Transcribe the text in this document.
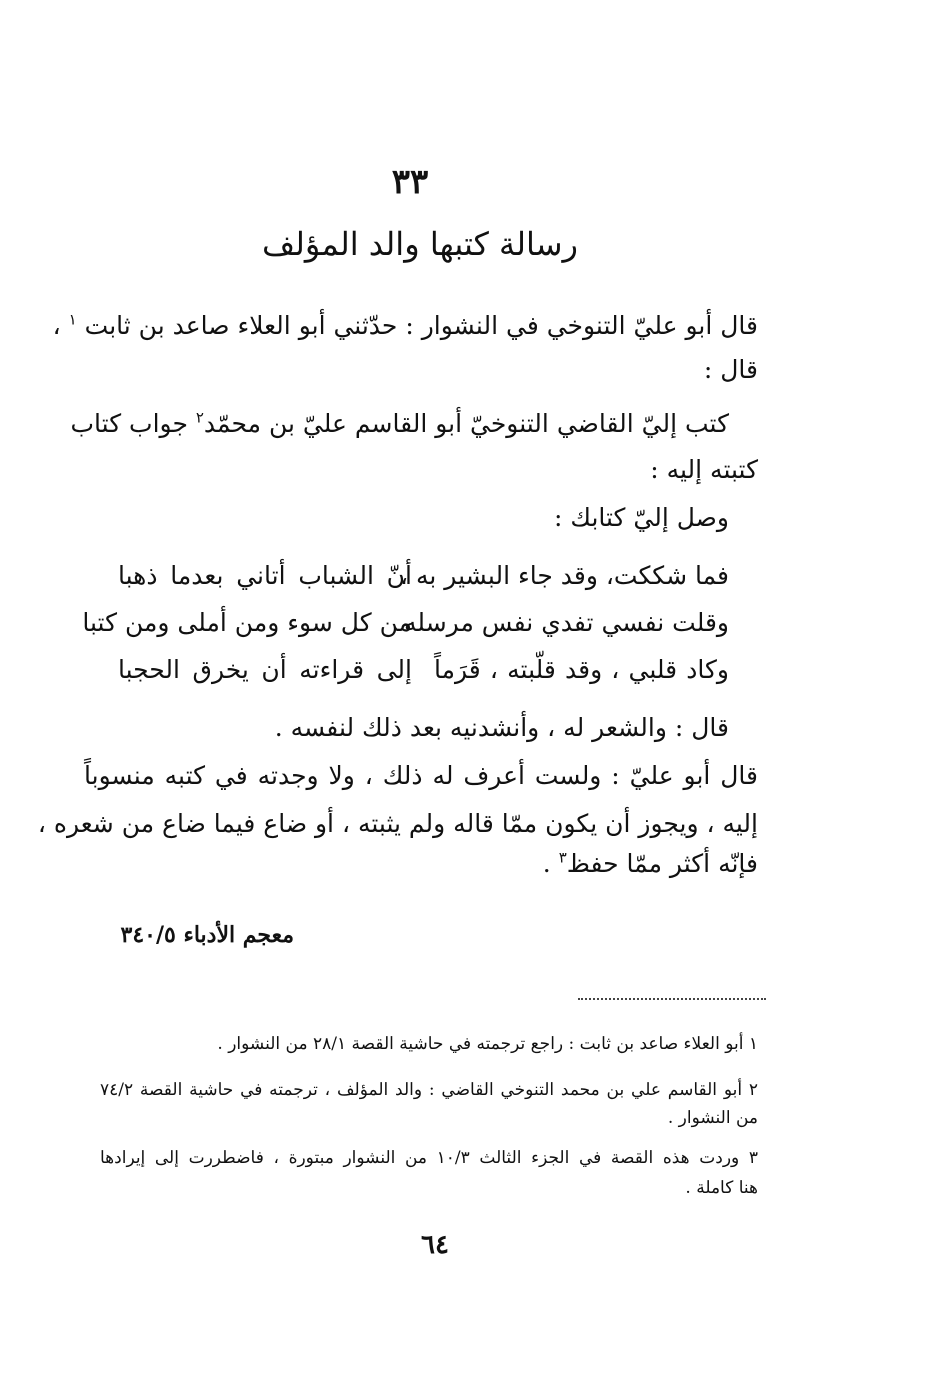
٣٣
رسالة كتبها والد المؤلف
قال أبو عليّ التنوخي في النشوار : حدّثني أبو العلاء صاعد بن ثابت $^١$ ،
قال :
كتب إليّ القاضي التنوخيّ أبو القاسم عليّ بن محمّد$^٢$ جواب كتاب
كتبته إليه :
وصل إليّ كتابك :
فما شككت، وقد جاء البشير به ،
أنّ الشباب أتاني بعدما ذهبا
وقلت نفسي تفدي نفس مرسله
من كل سوء ومن أملى ومن كتبا
وكاد قلبي ، وقد قلّبته ، قَرَماً
إلى قراءته أن يخرق الحجبا
قال : والشعر له ، وأنشدنيه بعد ذلك لنفسه .
قال أبو عليّ : ولست أعرف له ذلك ، ولا وجدته في كتبه منسوباً
إليه ، ويجوز أن يكون ممّا قاله ولم يثبته ، أو ضاع فيما ضاع من شعره ،
فإنّه أكثر ممّا حفظ$^٣$ .
معجم الأدباء ٣٤٠/٥
١ أبو العلاء صاعد بن ثابت : راجع ترجمته في حاشية القصة ٢٨/١ من النشوار .
٢ أبو القاسم علي بن محمد التنوخي القاضي : والد المؤلف ، ترجمته في حاشية القصة ٧٤/٢
من النشوار .
٣ وردت هذه القصة في الجزء الثالث ١٠/٣ من النشوار مبتورة ، فاضطررت إلى إيرادها
هنا كاملة .
٦٤
